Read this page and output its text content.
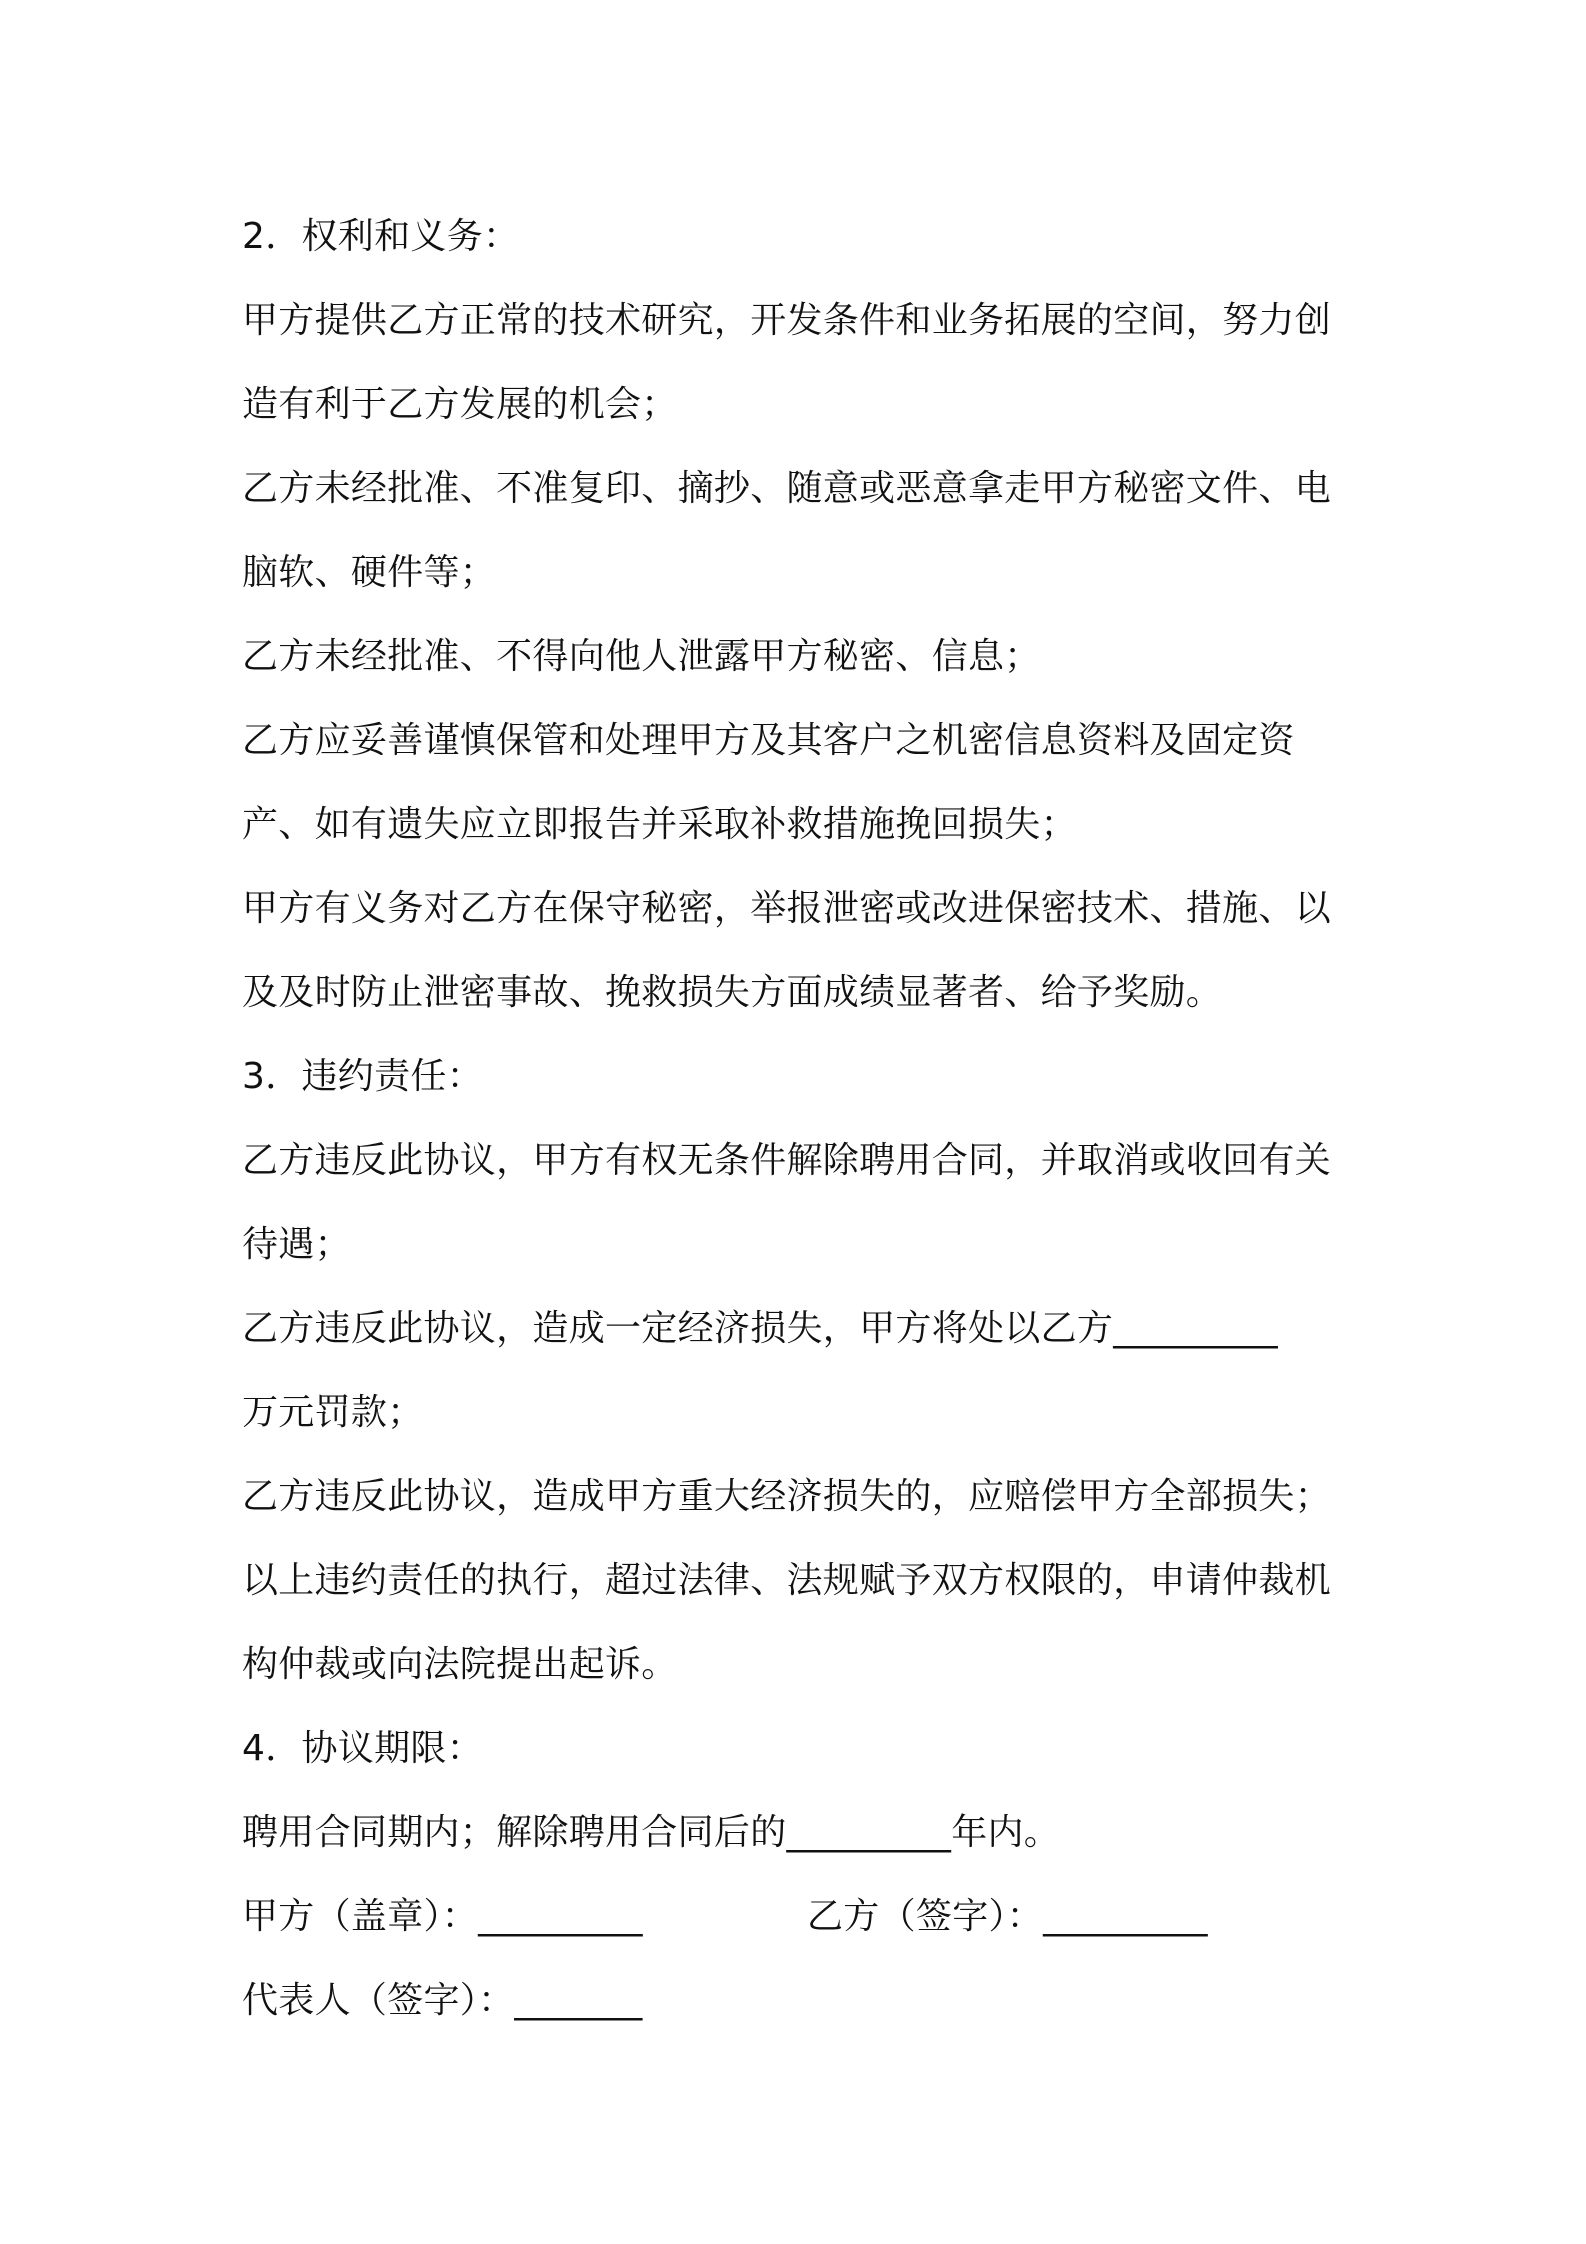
2．权利和义务：
甲方提供乙方正常的技术研究，开发条件和业务拓展的空间，努力创
造有利于乙方发展的机会；
乙方未经批准、不准复印、摘抄、随意或恶意拿走甲方秘密文件、电
脑软、硬件等；
乙方未经批准、不得向他人泄露甲方秘密、信息；
乙方应妥善谨慎保管和处理甲方及其客户之机密信息资料及固定资
产、如有遗失应立即报告并采取补救措施挽回损失；
甲方有义务对乙方在保守秘密，举报泄密或改进保密技术、措施、以
及及时防止泄密事故、挽救损失方面成绩显著者、给予奖励。
3．违约责任：
乙方违反此协议，甲方有权无条件解除聘用合同，并取消或收回有关
待遇；
乙方违反此协议，造成一定经济损失，甲方将处以乙方_________
万元罚款；
乙方违反此协议，造成甲方重大经济损失的，应赔偿甲方全部损失；
以上违约责任的执行，超过法律、法规赋予双方权限的，申请仲裁机
构仲裁或向法院提出起诉。
4．协议期限：
聘用合同期内；解除聘用合同后的_________年内。
甲方（盖章）：_________	乙方（签字）：_________
代表人（签字）：_______
